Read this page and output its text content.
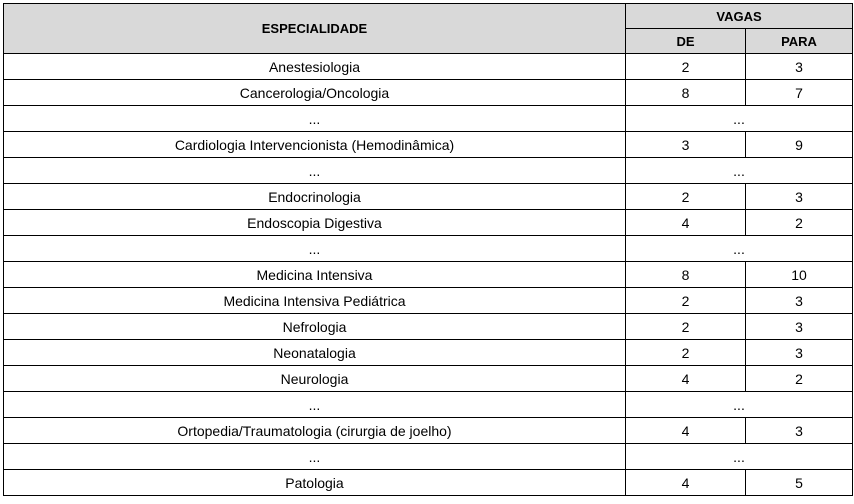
ESPECIALIDADE	VAGAS	
	DE	PARA
Anestesiologia	2	3
Cancerologia/Oncologia	8	7
...	...	
Cardiologia Intervencionista (Hemodinâmica)	3	9
...	...	
Endocrinologia	2	3
Endoscopia Digestiva	4	2
...	...	
Medicina Intensiva	8	10
Medicina Intensiva Pediátrica	2	3
Nefrologia	2	3
Neonatalogia	2	3
Neurologia	4	2
...	...	
Ortopedia/Traumatologia (cirurgia de joelho)	4	3
...	...	
Patologia	4	5
